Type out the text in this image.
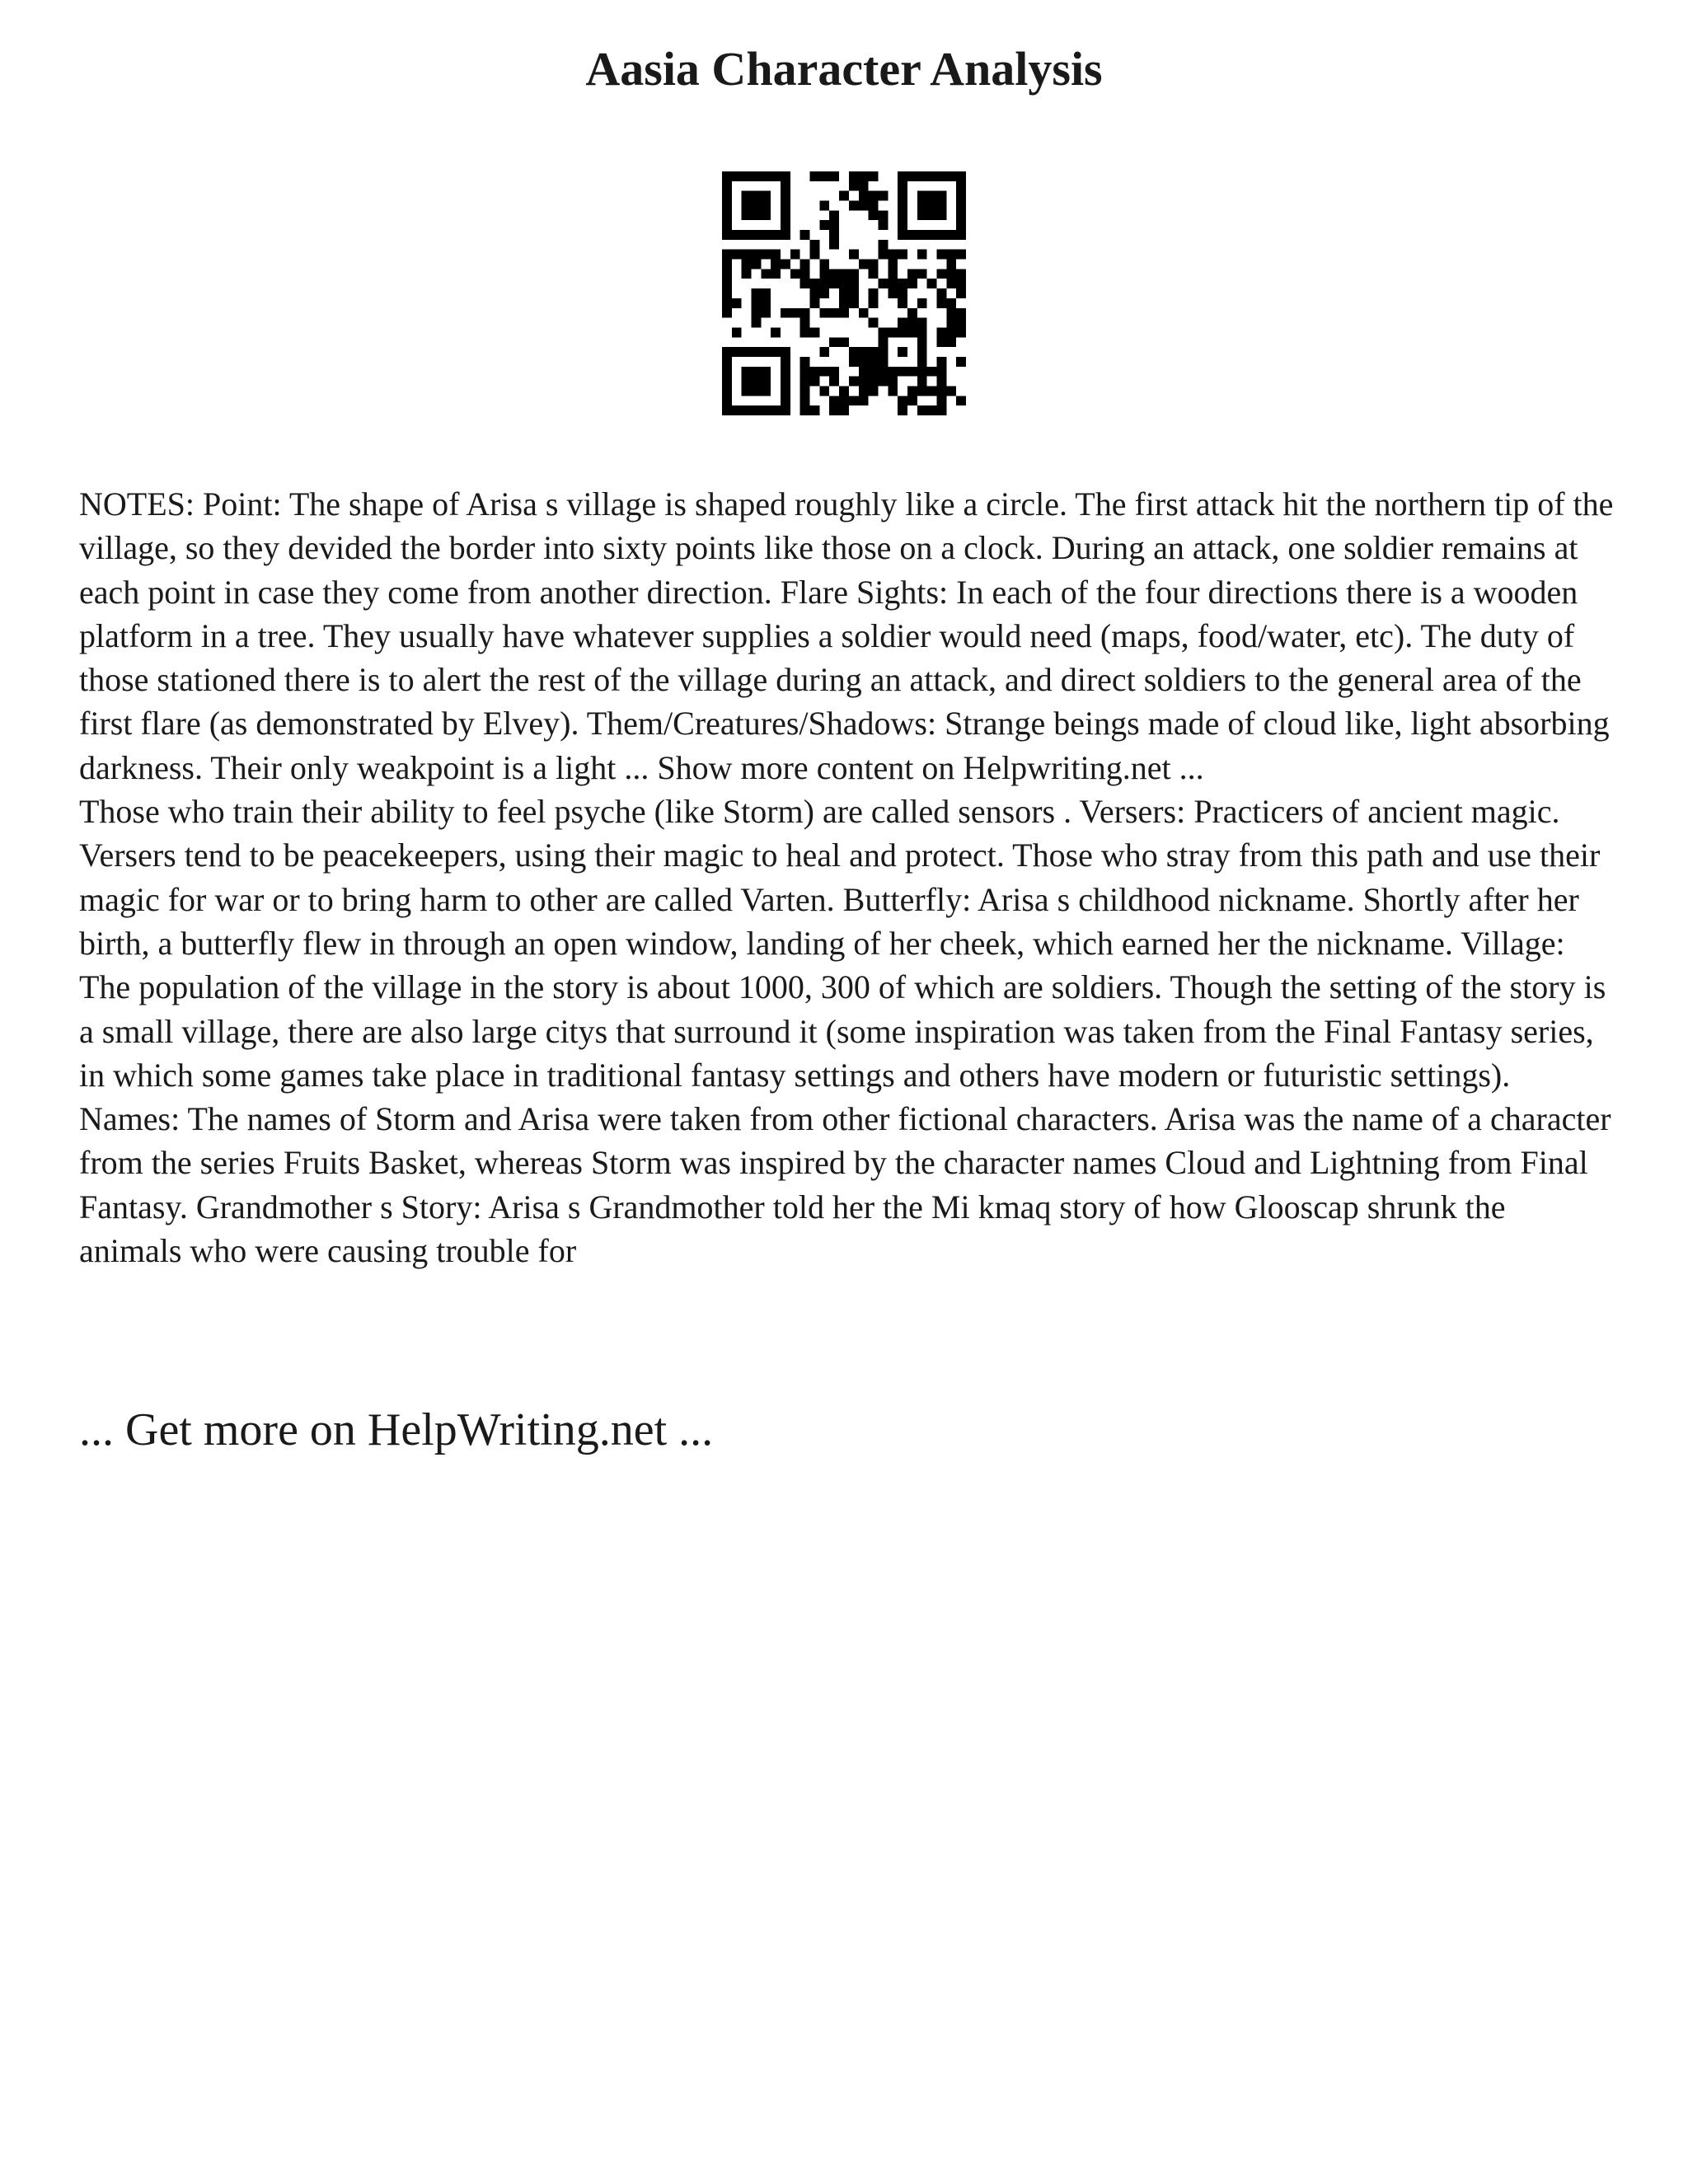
Aasia Character Analysis

NOTES: Point: The shape of Arisa s village is shaped roughly like a circle. The first attack hit the northern tip of the village, so they devided the border into sixty points like those on a clock. During an attack, one soldier remains at each point in case they come from another direction. Flare Sights: In each of the four directions there is a wooden platform in a tree. They usually have whatever supplies a soldier would need (maps, food/water, etc). The duty of those stationed there is to alert the rest of the village during an attack, and direct soldiers to the general area of the first flare (as demonstrated by Elvey). Them/Creatures/Shadows: Strange beings made of cloud like, light absorbing darkness. Their only weakpoint is a light ... Show more content on Helpwriting.net ...

Those who train their ability to feel psyche (like Storm) are called sensors . Versers: Practicers of ancient magic. Versers tend to be peacekeepers, using their magic to heal and protect. Those who stray from this path and use their magic for war or to bring harm to other are called Varten. Butterfly: Arisa s childhood nickname. Shortly after her birth, a butterfly flew in through an open window, landing of her cheek, which earned her the nickname. Village: The population of the village in the story is about 1000, 300 of which are soldiers. Though the setting of the story is a small village, there are also large citys that surround it (some inspiration was taken from the Final Fantasy series, in which some games take place in traditional fantasy settings and others have modern or futuristic settings). Names: The names of Storm and Arisa were taken from other fictional characters. Arisa was the name of a character from the series Fruits Basket, whereas Storm was inspired by the character names Cloud and Lightning from Final Fantasy. Grandmother s Story: Arisa s Grandmother told her the Mi kmaq story of how Glooscap shrunk the animals who were causing trouble for

... Get more on HelpWriting.net ...
